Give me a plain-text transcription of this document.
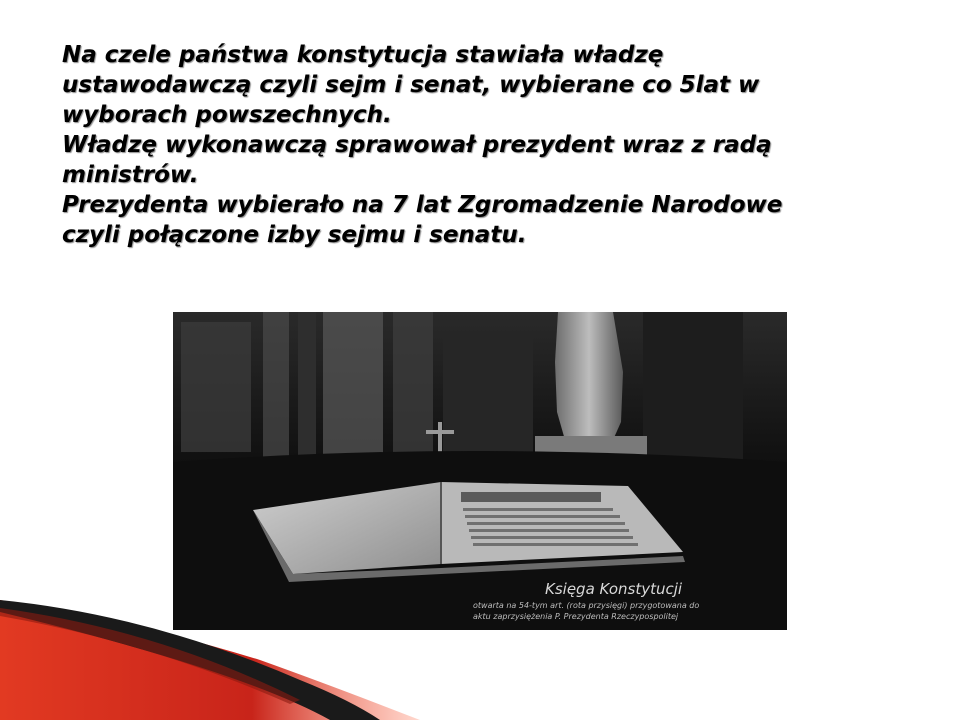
Na czele państwa konstytucja stawiała władzę
ustawodawczą czyli sejm i senat, wybierane co 5lat w
wyborach powszechnych.
Władzę wykonawczą sprawował prezydent wraz z radą
ministrów.
Prezydenta wybierało na 7 lat Zgromadzenie Narodowe
czyli połączone izby sejmu i senatu.
Księga Konstytucji
otwarta na 54-tym art. (rota przysięgi) przygotowana do
aktu zaprzysiężenia P. Prezydenta Rzeczypospolitej
